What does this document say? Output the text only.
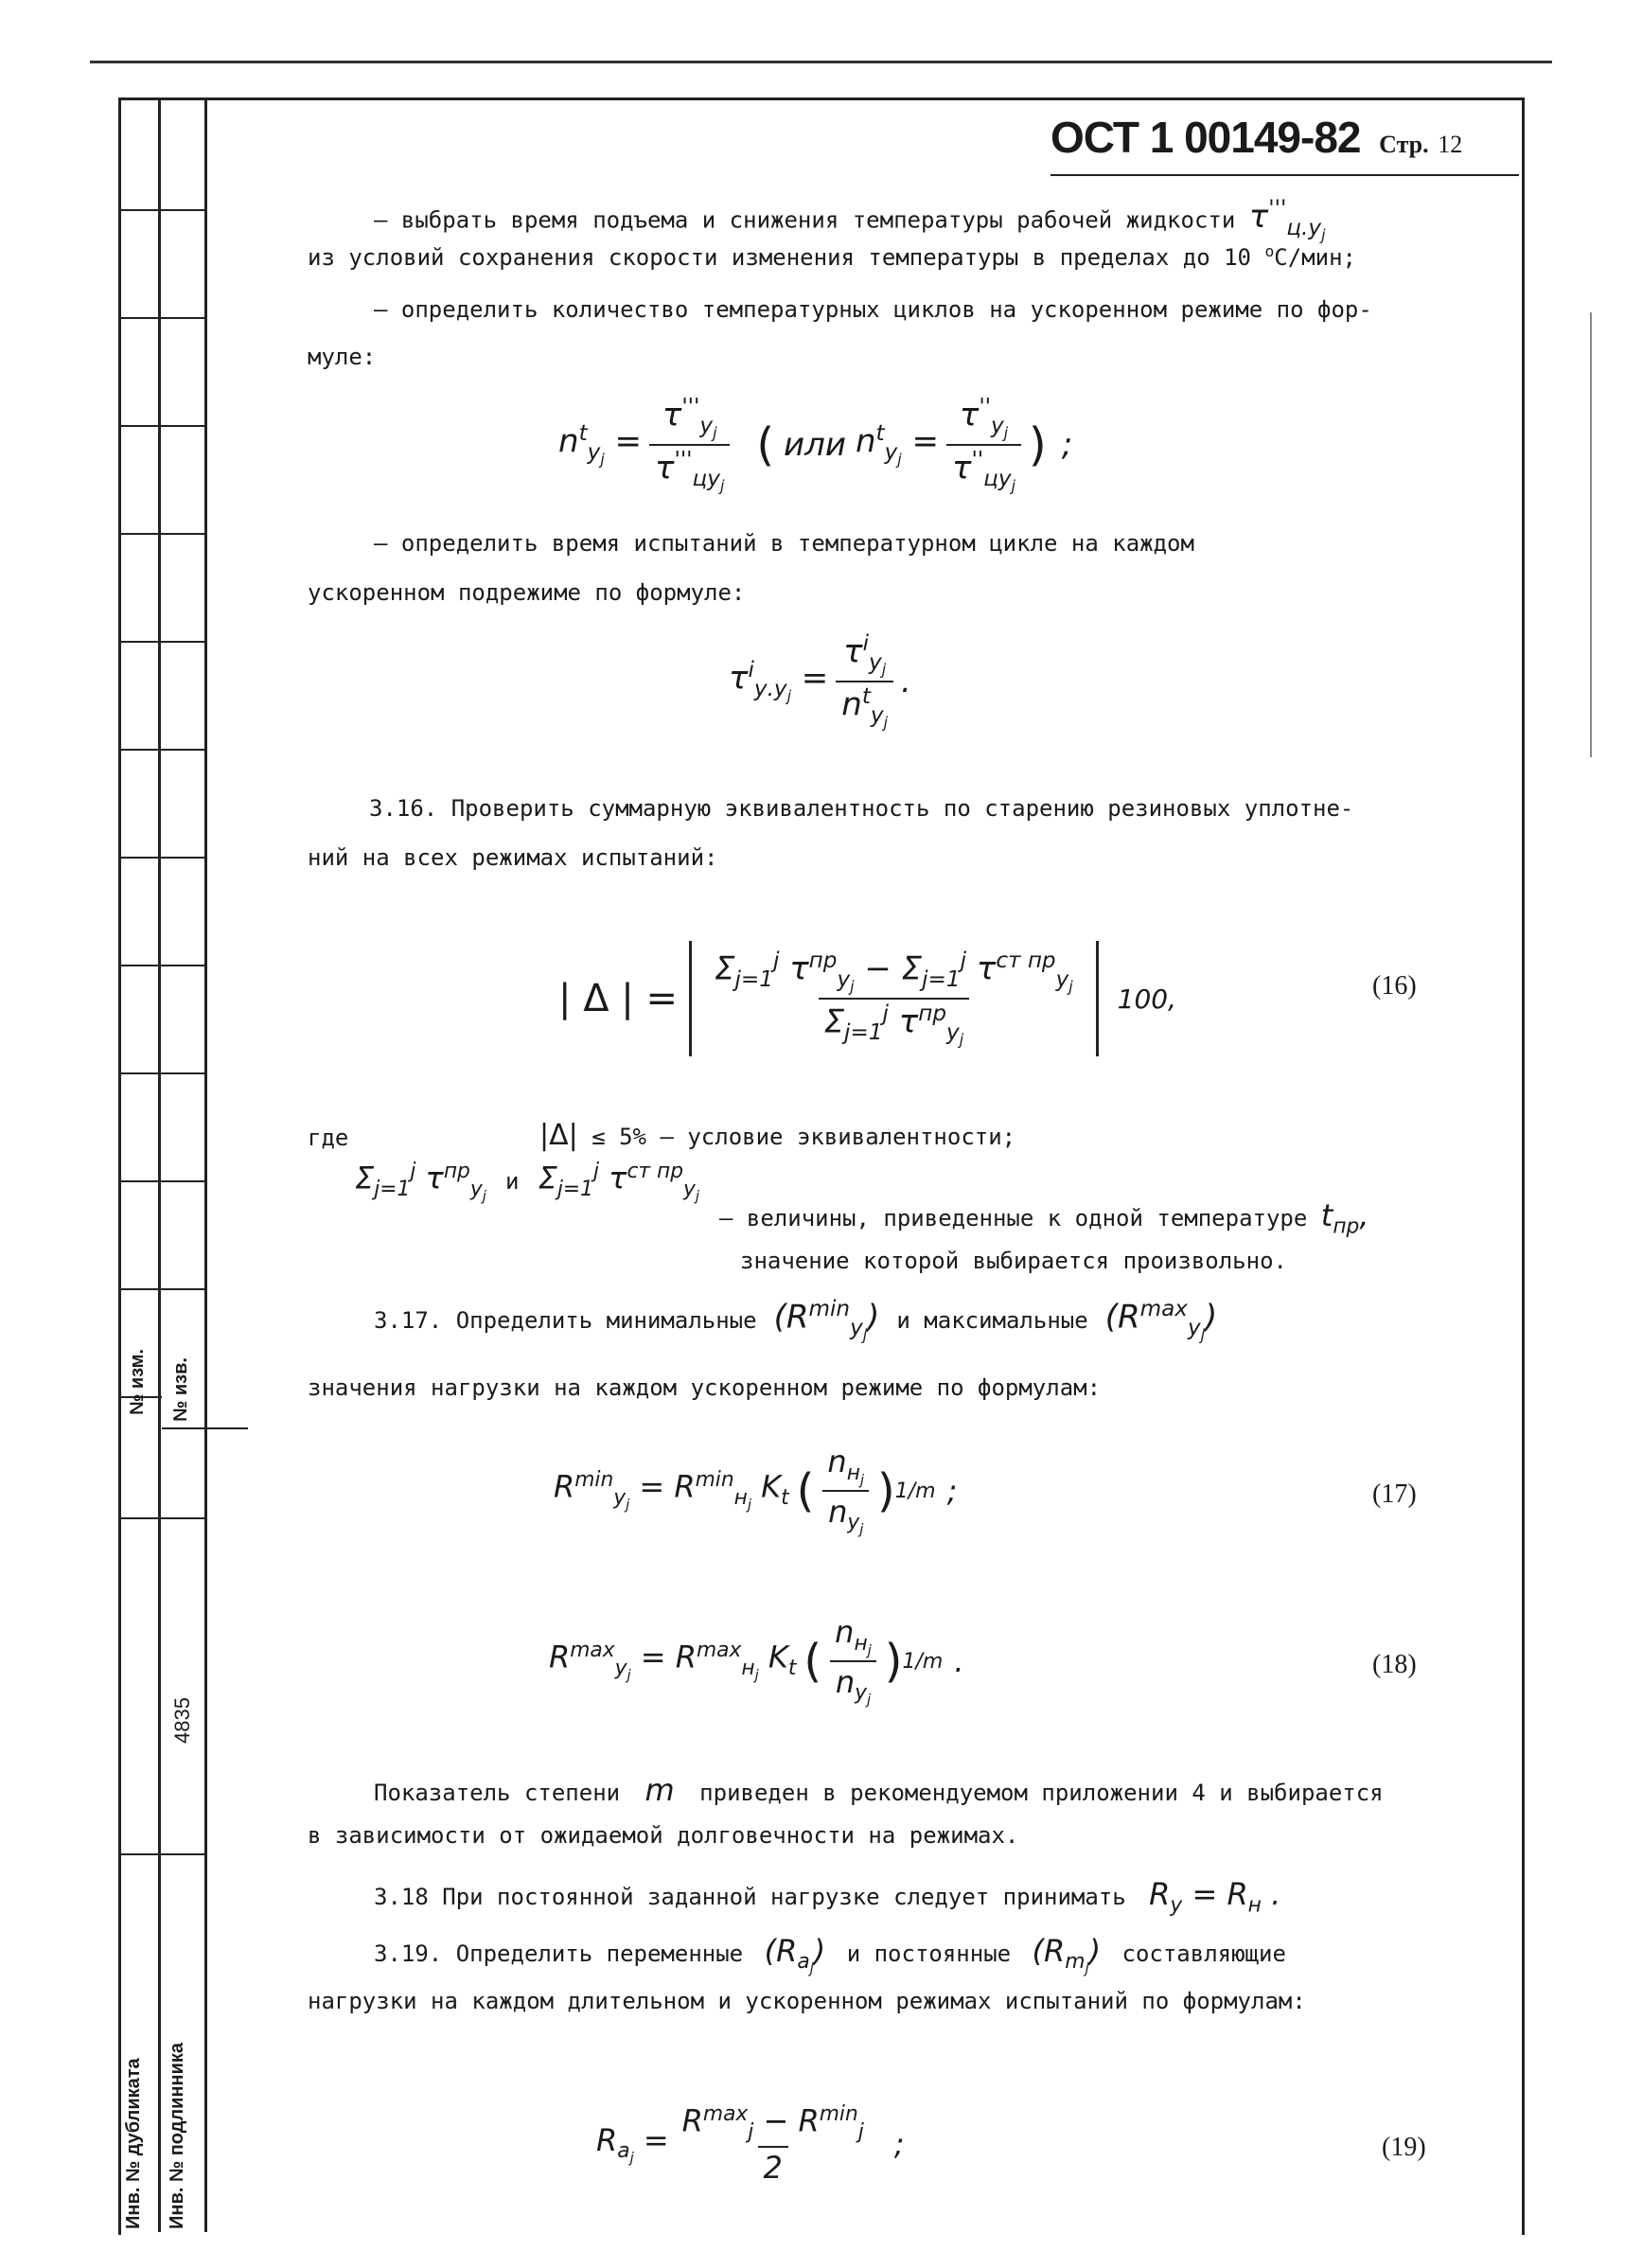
№ изм. № изв.
4835
Инв. № дубликата Инв. № подлинника
ОСТ 1 00149-82 Стр. 12
– выбрать время подъема и снижения температуры рабочей жидкости $\tau'''_{ц.у_j}$
из условий сохранения скорости изменения температуры в пределах до 10 $^o$С/мин;
– определить количество температурных циклов на ускоренном режиме по фор-
муле:
$n^t_{у_j} = \frac{\tau'''_{у_j}}{\tau'''_{цу_j}}$ ( или $n^t_{у_j} = \frac{\tau''_{у_j}}{\tau''_{цу_j}}$ ) ;
– определить время испытаний в температурном цикле на каждом
ускоренном подрежиме по формуле:
$\tau^i_{у.у_j} = \frac{\tau^i_{у_j}}{n^t_{у_j}}$ .
3.16. Проверить суммарную эквивалентность по старению резиновых уплотне-
ний на всех режимах испытаний:
| Δ | = $\frac{\Sigma_{j=1}^j \tau^{пр}_{у_j} - \Sigma_{j=1}^j \tau^{ст пр}_{у_j}}{\Sigma_{j=1}^j \tau^{пр}_{у_j}} 100$,	(16)
где	|Δ| ≤ 5% – условие эквивалентности;
$\Sigma_{j=1}^j$ $\tau^{пр}_{у_j}$ и $\Sigma_{j=1}^j$ $\tau^{ст пр}_{у_j}$
– величины, приведенные к одной температуре $t_{пр}$,
значение которой выбирается произвольно.
3.17. Определить минимальные $(R^{min}_{у_j})$ и максимальные $(R^{max}_{у_j})$
значения нагрузки на каждом ускоренном режиме по формулам:
$R^{min}_{у_j} = R^{min}_{н_j}$ $K_t$ ( $\frac{n_{н_j}}{n_{у_j}}$ ) 1/m ;	(17)
$R^{max}_{у_j} = R^{max}_{н_j}$ $K_t$ ( $\frac{n_{н_j}}{n_{у_j}}$ ) 1/m .	(18)
Показатель степени m приведен в рекомендуемом приложении 4 и выбирается
в зависимости от ожидаемой долговечности на режимах.
3.18 При постоянной заданной нагрузке следует принимать $R_у = R_н$ .
3.19. Определить переменные $(R_{a_j})$ и постоянные $(R_{m_j})$ составляющие
нагрузки на каждом длительном и ускоренном режимах испытаний по формулам:
$R_{a_j} = \frac{R^{max}_j - R^{min}_j}{2}$ ;	(19)
